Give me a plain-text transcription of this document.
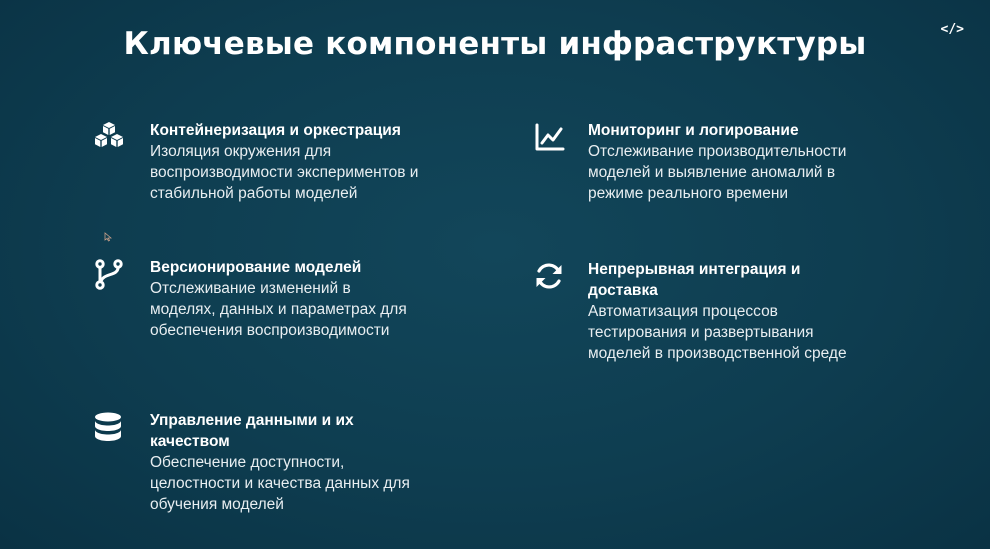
Ключевые компоненты инфраструктуры	</>
Контейнеризация и оркестрация
Изоляция окружения для воспроизводимости экспериментов и стабильной работы моделей
Версионирование моделей
Отслеживание изменений в моделях, данных и параметрах для обеспечения воспроизводимости
Управление данными и их качеством
Обеспечение доступности, целостности и качества данных для обучения моделей
Мониторинг и логирование
Отслеживание производительности моделей и выявление аномалий в режиме реального времени
Непрерывная интеграция и доставка
Автоматизация процессов тестирования и развертывания моделей в производственной среде
